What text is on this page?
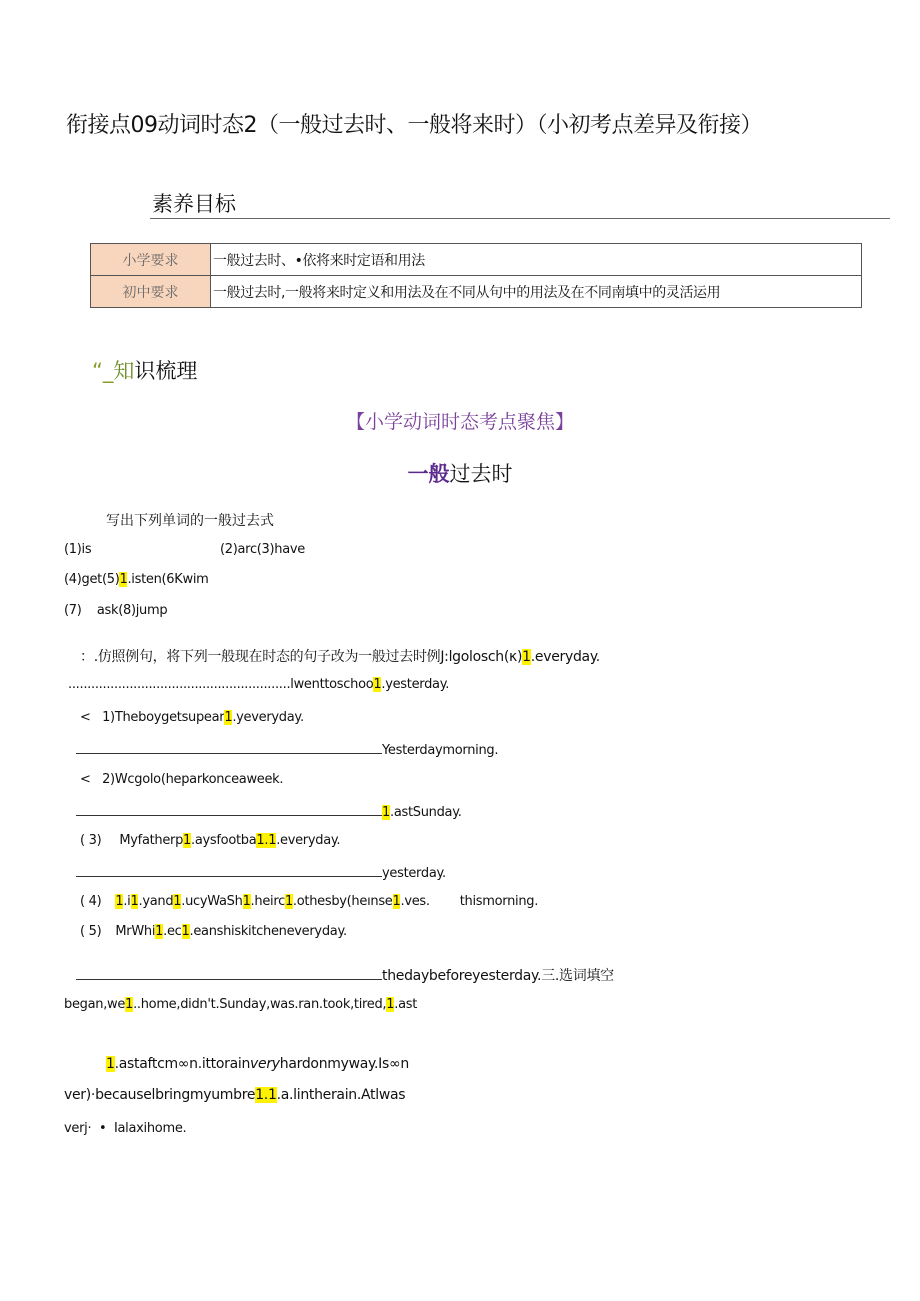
衔接点09动词时态2（一般过去时、一般将来时）（小初考点差异及衔接）
素养目标
小学要求	一般过去时、•依将来时定语和用法
初中要求	一般过去时,一般将来时定义和用法及在不同从句中的用法及在不同南填中的灵活运用
“_知识梳理
【小学动词时态考点聚焦】
一般过去时
写出下列单词的一般过去式
(1)is	(2)arc(3)have
(4)get(5)1.isten(6Kwim
(7)    ask(8)jump
：.仿照例句，将下列一般现在时态的句子改为一般过去时例J:lgolosch(κ)1.everyday.
..........................................................lwenttoschoo1.yesterday.
<   1)Theboygetsupear1.yeveryday.
Yesterdaymorning.
<   2)Wcgolo(heparkonceaweek.
1.astSunday.
( 3) Myfatherp1.aysfootba1.1.everyday.
yesterday.
( 4) 1.i1.yand1.ucyWaSh1.heirc1.othesby(heınse1.ves. thismorning.
( 5) MrWhi1.ec1.eanshiskitcheneveryday.
thedaybeforeyesterday.三.选词填空
began,we1..home,didn't.Sunday,was.ran.took,tired,1.ast
1.astaftcm∞n.ittorainveryhardonmyway.Is∞n
ver)·becauselbringmyumbre1.1.a.lintherain.Atlwas
verj·  •  Ialaxihome.
